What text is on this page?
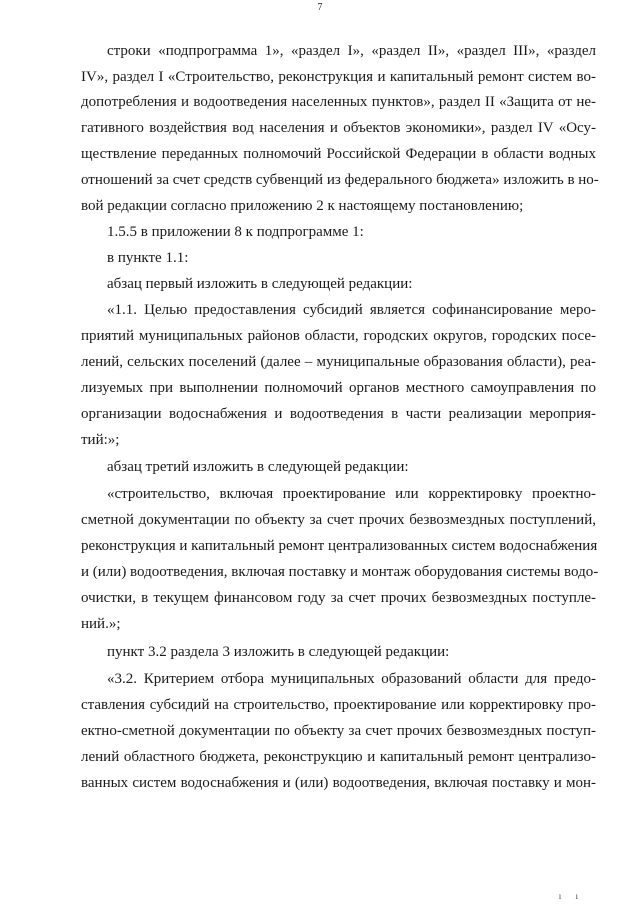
7
строки «подпрограмма 1», «раздел I», «раздел II», «раздел III», «раздел
IV», раздел I «Строительство, реконструкция и капитальный ремонт систем во-
допотребления и водоотведения населенных пунктов», раздел II «Защита от не-
гативного воздействия вод населения и объектов экономики», раздел IV «Осу-
ществление переданных полномочий Российской Федерации в области водных
отношений за счет средств субвенций из федерального бюджета» изложить в но-
вой редакции согласно приложению 2 к настоящему постановлению;
1.5.5 в приложении 8 к подпрограмме 1:
в пункте 1.1:
абзац первый изложить в следующей редакции:
«1.1. Целью предоставления субсидий является софинансирование меро-
приятий муниципальных районов области, городских округов, городских посе-
лений, сельских поселений (далее – муниципальные образования области), реа-
лизуемых при выполнении полномочий органов местного самоуправления по
организации водоснабжения и водоотведения в части реализации мероприя-
тий:»;
абзац третий изложить в следующей редакции:
«строительство, включая проектирование или корректировку проектно-
сметной документации по объекту за счет прочих безвозмездных поступлений,
реконструкция и капитальный ремонт централизованных систем водоснабжения
и (или) водоотведения, включая поставку и монтаж оборудования системы водо-
очистки, в текущем финансовом году за счет прочих безвозмездных поступле-
ний.»;
пункт 3.2 раздела 3 изложить в следующей редакции:
«3.2. Критерием отбора муниципальных образований области для предо-
ставления субсидий на строительство, проектирование или корректировку про-
ектно-сметной документации по объекту за счет прочих безвозмездных поступ-
лений областного бюджета, реконструкцию и капитальный ремонт централизо-
ванных систем водоснабжения и (или) водоотведения, включая поставку и мон-
ı ı
